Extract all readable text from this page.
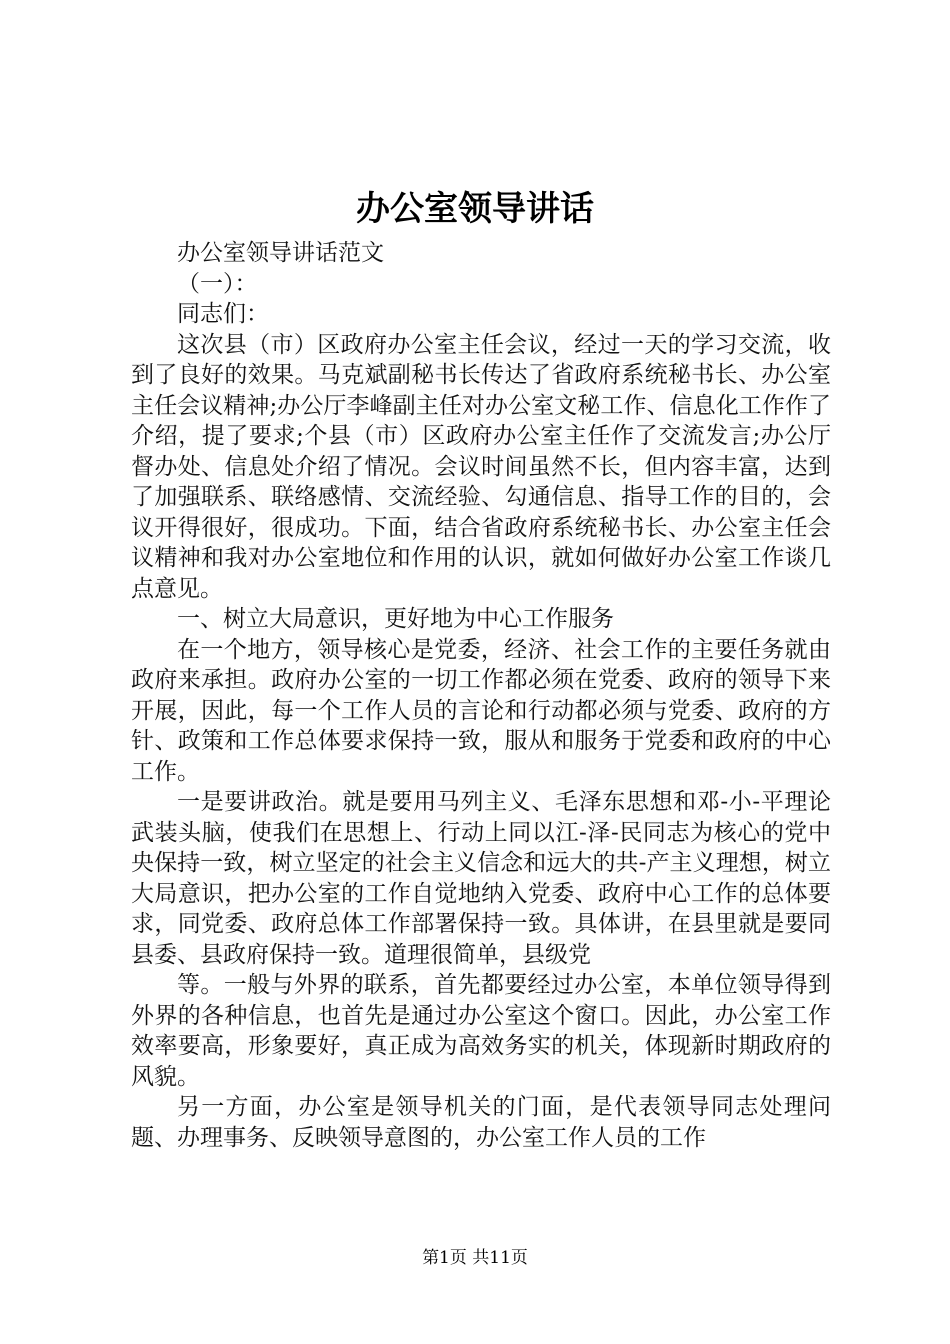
办公室领导讲话

办公室领导讲话范文

（一）：

同志们：

这次县（市）区政府办公室主任会议，经过一天的学习交流，收到了良好的效果。马克斌副秘书长传达了省政府系统秘书长、办公室主任会议精神;办公厅李峰副主任对办公室文秘工作、信息化工作作了介绍，提了要求;个县（市）区政府办公室主任作了交流发言;办公厅督办处、信息处介绍了情况。会议时间虽然不长，但内容丰富，达到了加强联系、联络感情、交流经验、勾通信息、指导工作的目的，会议开得很好，很成功。下面，结合省政府系统秘书长、办公室主任会议精神和我对办公室地位和作用的认识，就如何做好办公室工作谈几点意见。

一、树立大局意识，更好地为中心工作服务

在一个地方，领导核心是党委，经济、社会工作的主要任务就由政府来承担。政府办公室的一切工作都必须在党委、政府的领导下来开展，因此，每一个工作人员的言论和行动都必须与党委、政府的方针、政策和工作总体要求保持一致，服从和服务于党委和政府的中心工作。

一是要讲政治。就是要用马列主义、毛泽东思想和邓-小-平理论武装头脑，使我们在思想上、行动上同以江-泽-民同志为核心的党中央保持一致，树立坚定的社会主义信念和远大的共-产主义理想，树立大局意识，把办公室的工作自觉地纳入党委、政府中心工作的总体要求，同党委、政府总体工作部署保持一致。具体讲，在县里就是要同县委、县政府保持一致。道理很简单，县级党

等。一般与外界的联系，首先都要经过办公室，本单位领导得到外界的各种信息，也首先是通过办公室这个窗口。因此，办公室工作效率要高，形象要好，真正成为高效务实的机关，体现新时期政府的风貌。

另一方面，办公室是领导机关的门面，是代表领导同志处理问题、办理事务、反映领导意图的，办公室工作人员的工作

第1页 共11页
